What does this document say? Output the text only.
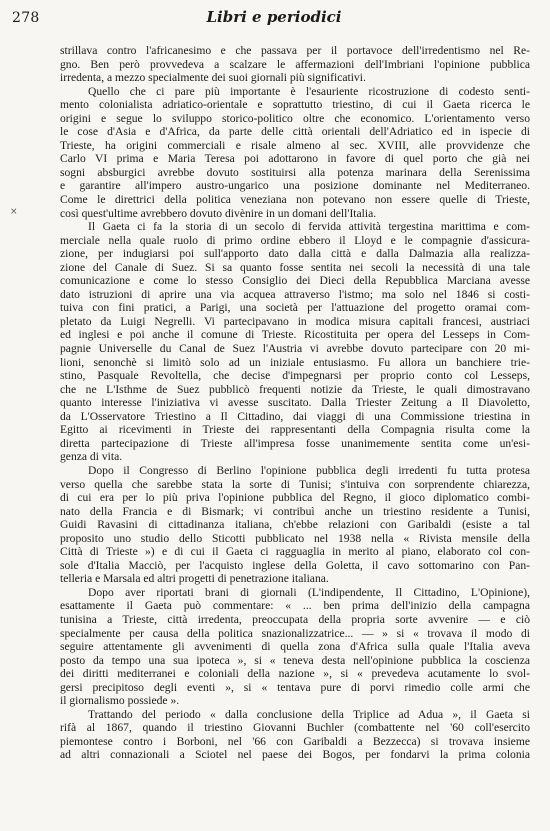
278	Libri e periodici
×
strillava contro l'africanesimo e che passava per il portavoce dell'irredentismo nel Re-
gno. Ben però provvedeva a scalzare le affermazioni dell'Imbriani l'opinione pubblica
irredenta, a mezzo specialmente dei suoi giornali più significativi.
Quello che ci pare più importante è l'esauriente ricostruzione di codesto senti-
mento colonialista adriatico-orientale e soprattutto triestino, di cui il Gaeta ricerca le
origini e segue lo sviluppo storico-politico oltre che economico. L'orientamento verso
le cose d'Asia e d'Africa, da parte delle città orientali dell'Adriatico ed in ispecie di
Trieste, ha origini commerciali e risale almeno al sec. XVIII, alle provvidenze che
Carlo VI prima e Maria Teresa poi adottarono in favore di quel porto che già nei
sogni absburgici avrebbe dovuto sostituirsi alla potenza marinara della Serenissima
e garantire all'impero austro-ungarico una posizione dominante nel Mediterraneo.
Come le direttrici della politica veneziana non potevano non essere quelle di Trieste,
così quest'ultime avrebbero dovuto divènire in un domani dell'Italia.
Il Gaeta ci fa la storia di un secolo di fervida attività tergestina marittima e com-
merciale nella quale ruolo di primo ordine ebbero il Lloyd e le compagnie d'assicura-
zione, per indugiarsi poi sull'apporto dato dalla città e dalla Dalmazia alla realizza-
zione del Canale di Suez. Si sa quanto fosse sentita nei secoli la necessità di una tale
comunicazione e come lo stesso Consiglio dei Dieci della Repubblica Marciana avesse
dato istruzioni di aprire una via acquea attraverso l'istmo; ma solo nel 1846 si costi-
tuiva con fini pratici, a Parigi, una società per l'attuazione del progetto oramai com-
pletato da Luigi Negrelli. Vi partecipavano in modica misura capitali francesi, austriaci
ed inglesi e poi anche il comune di Trieste. Ricostituita per opera del Lesseps in Com-
pagnie Universelle du Canal de Suez l'Austria vi avrebbe dovuto partecipare con 20 mi-
lioni, senonchè si limitò solo ad un iniziale entusiasmo. Fu allora un banchiere trie-
stino, Pasquale Revoltella, che decise d'impegnarsi per proprio conto col Lesseps,
che ne L'Isthme de Suez pubblicò frequenti notizie da Trieste, le quali dimostravano
quanto interesse l'iniziativa vi avesse suscitato. Dalla Triester Zeitung a Il Diavoletto,
da L'Osservatore Triestino a Il Cittadino, dai viaggi di una Commissione triestina in
Egitto ai ricevimenti in Trieste dei rappresentanti della Compagnia risulta come la
diretta partecipazione di Trieste all'impresa fosse unanimemente sentita come un'esi-
genza di vita.
Dopo il Congresso di Berlino l'opinione pubblica degli irredenti fu tutta protesa
verso quella che sarebbe stata la sorte di Tunisi; s'intuiva con sorprendente chiarezza,
di cui era per lo più priva l'opinione pubblica del Regno, il gioco diplomatico combi-
nato della Francia e di Bismark; vi contribuì anche un triestino residente a Tunisi,
Guidi Ravasini di cittadinanza italiana, ch'ebbe relazioni con Garibaldi (esiste a tal
proposito uno studio dello Sticotti pubblicato nel 1938 nella « Rivista mensile della
Città di Trieste ») e di cui il Gaeta ci ragguaglia in merito al piano, elaborato col con-
sole d'Italia Macciò, per l'acquisto inglese della Goletta, il cavo sottomarino con Pan-
telleria e Marsala ed altri progetti di penetrazione italiana.
Dopo aver riportati brani di giornali (L'indipendente, Il Cittadino, L'Opinione),
esattamente il Gaeta può commentare: « ... ben prima dell'inizio della campagna
tunisina a Trieste, città irredenta, preoccupata della propria sorte avvenire — e ciò
specialmente per causa della politica snazionalizzatrice... — » si « trovava il modo di
seguire attentamente gli avvenimenti di quella zona d'Africa sulla quale l'Italia aveva
posto da tempo una sua ipoteca », si « teneva desta nell'opinione pubblica la coscienza
dei diritti mediterranei e coloniali della nazione », si « prevedeva acutamente lo svol-
gersi precipitoso degli eventi », si « tentava pure di porvi rimedio colle armi che
il giornalismo possiede ».
Trattando del periodo « dalla conclusione della Triplice ad Adua », il Gaeta si
rifà al 1867, quando il triestino Giovanni Buchler (combattente nel '60 coll'esercito
piemontese contro i Borboni, nel '66 con Garibaldi a Bezzecca) si trovava insieme
ad altri connazionali a Sciotel nel paese dei Bogos, per fondarvi la prima colonia
